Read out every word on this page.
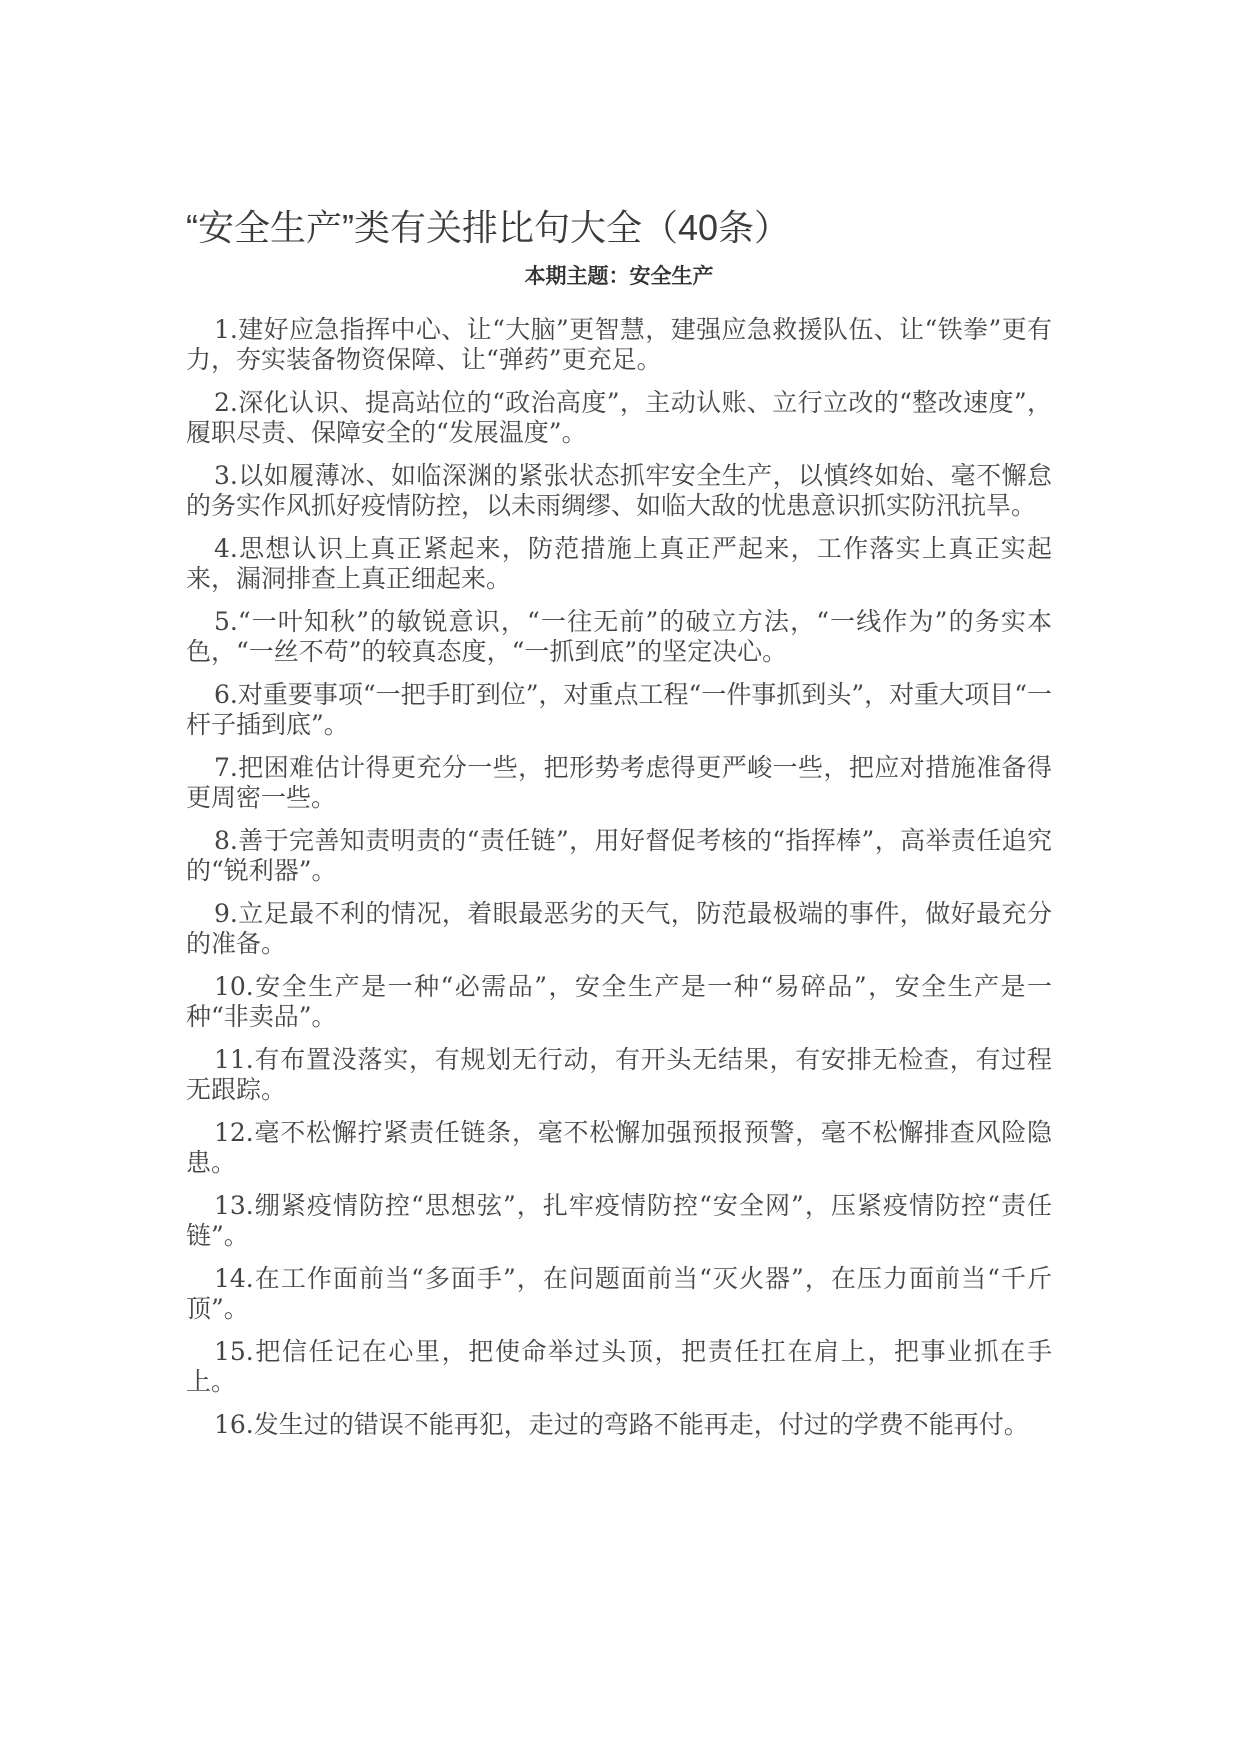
“安全生产”类有关排比句大全（40条）
本期主题：安全生产

1.建好应急指挥中心、让“大脑”更智慧，建强应急救援队伍、让“铁拳”更有力，夯实装备物资保障、让“弹药”更充足。

2.深化认识、提高站位的“政治高度”，主动认账、立行立改的“整改速度”，履职尽责、保障安全的“发展温度”。

3.以如履薄冰、如临深渊的紧张状态抓牢安全生产，以慎终如始、毫不懈怠的务实作风抓好疫情防控，以未雨绸缪、如临大敌的忧患意识抓实防汛抗旱。

4.思想认识上真正紧起来，防范措施上真正严起来，工作落实上真正实起来，漏洞排查上真正细起来。

5.“一叶知秋”的敏锐意识，“一往无前”的破立方法，“一线作为”的务实本色，“一丝不苟”的较真态度，“一抓到底”的坚定决心。

6.对重要事项“一把手盯到位”，对重点工程“一件事抓到头”，对重大项目“一杆子插到底”。

7.把困难估计得更充分一些，把形势考虑得更严峻一些，把应对措施准备得更周密一些。

8.善于完善知责明责的“责任链”，用好督促考核的“指挥棒”，高举责任追究的“锐利器”。

9.立足最不利的情况，着眼最恶劣的天气，防范最极端的事件，做好最充分的准备。

10.安全生产是一种“必需品”，安全生产是一种“易碎品”，安全生产是一种“非卖品”。

11.有布置没落实，有规划无行动，有开头无结果，有安排无检查，有过程无跟踪。

12.毫不松懈拧紧责任链条，毫不松懈加强预报预警，毫不松懈排查风险隐患。

13.绷紧疫情防控“思想弦”，扎牢疫情防控“安全网”，压紧疫情防控“责任链”。

14.在工作面前当“多面手”，在问题面前当“灭火器”，在压力面前当“千斤顶”。

15.把信任记在心里，把使命举过头顶，把责任扛在肩上，把事业抓在手上。

16.发生过的错误不能再犯，走过的弯路不能再走，付过的学费不能再付。
